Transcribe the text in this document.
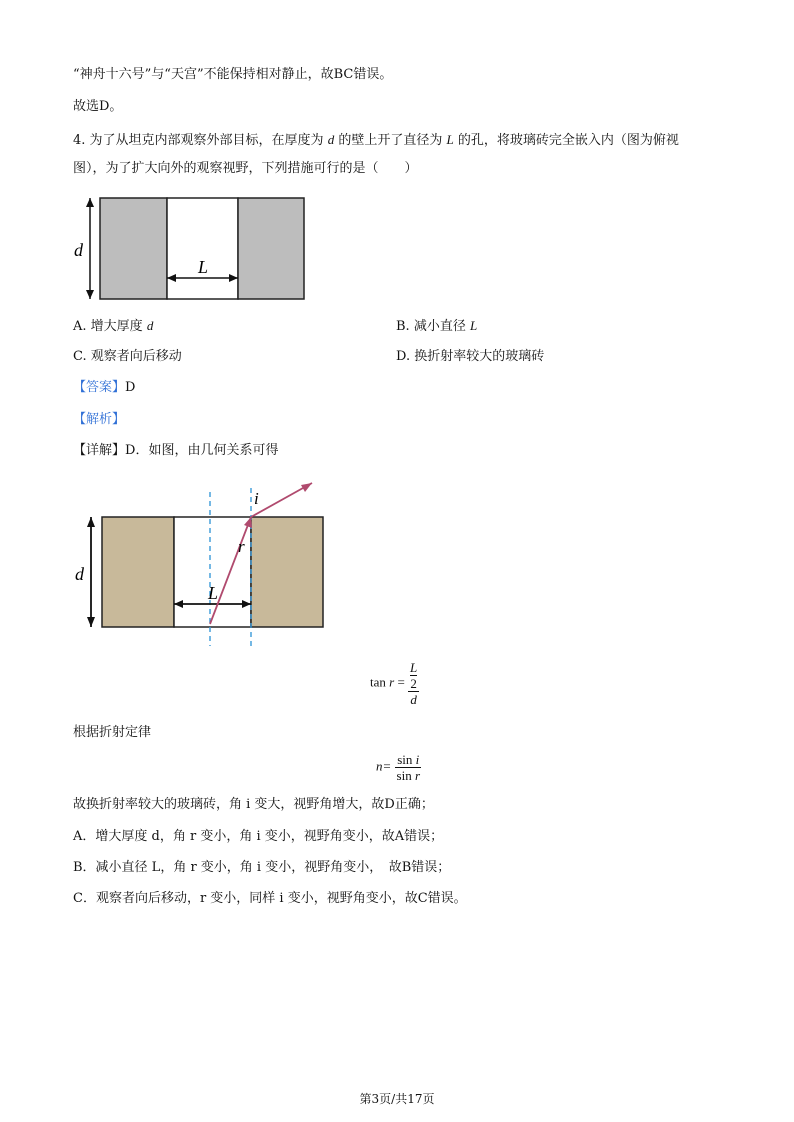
“神舟十六号”与“天宫”不能保持相对静止，故BC错误。
故选D。
4. 为了从坦克内部观察外部目标，在厚度为 d 的壁上开了直径为 L 的孔，将玻璃砖完全嵌入内（图为俯视
图），为了扩大向外的观察视野，下列措施可行的是（　　）
d
L
A. 增大厚度 d	B. 减小直径 L
C. 观察者向后移动	D. 换折射率较大的玻璃砖
【答案】D
【解析】
【详解】D．如图，由几何关系可得
d
L
i
r
tan r = L
2
d
根据折射定律
$n= \frac{\text{sin i}}{\text{sin r}}$
故换折射率较大的玻璃砖，角 i 变大，视野角增大，故D正确；
A．增大厚度 d，角 r 变小，角 i 变小，视野角变小，故A错误；
B．减小直径 L，角 r 变小，角 i 变小，视野角变小，　故B错误；
C．观察者向后移动，r 变小，同样 i 变小，视野角变小，故C错误。
第3页/共17页
